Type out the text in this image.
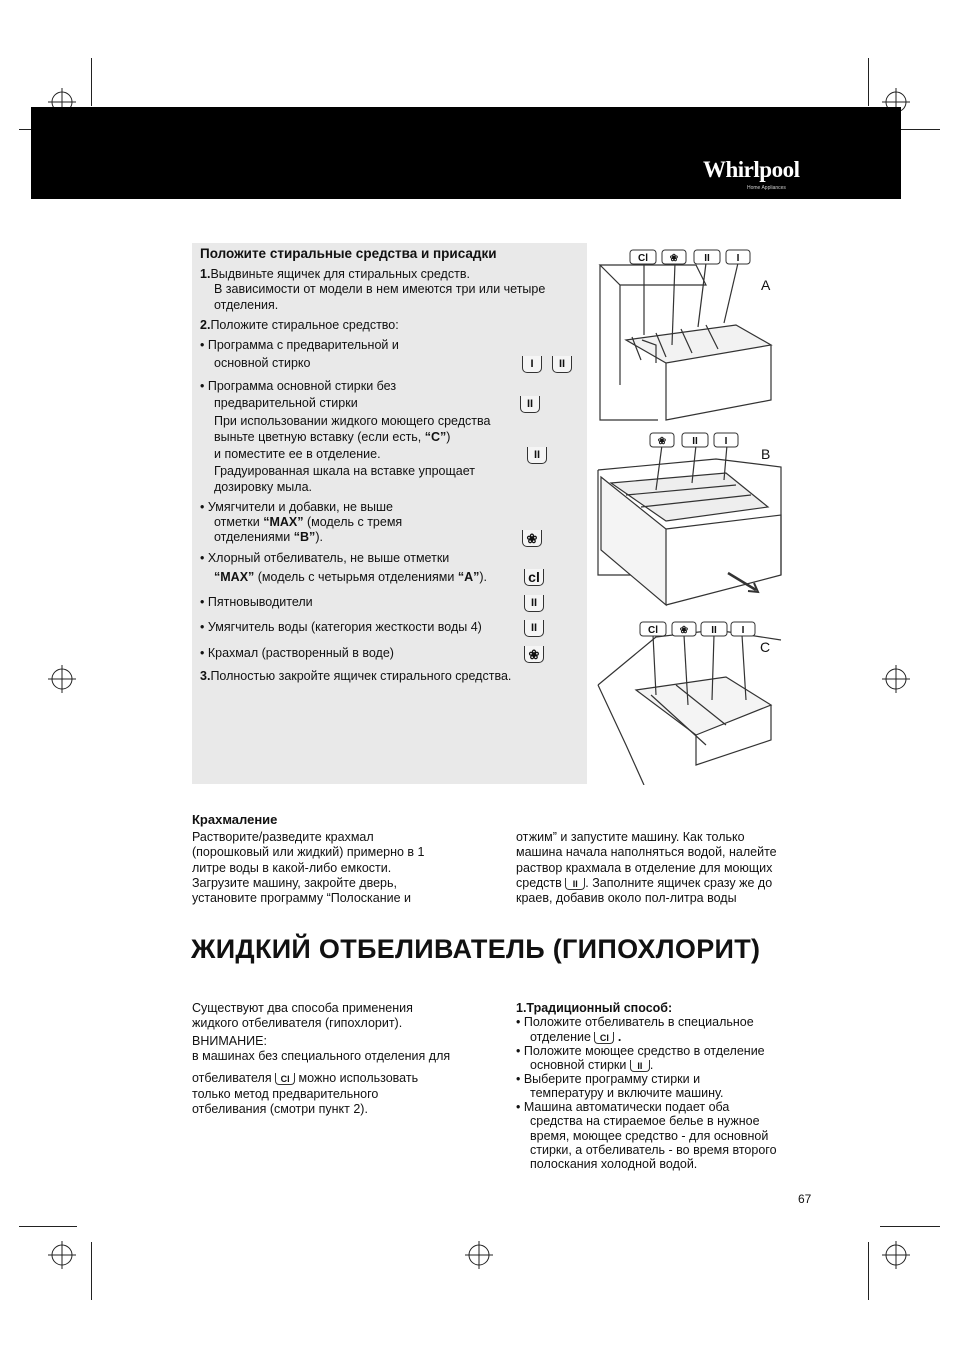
Whirlpool
Home Appliances
Положите стиральные средства и присадки
1.Выдвиньте ящичек для стиральных средств.
В зависимости от модели в нем имеются три или четыре
отделения.
2.Положите стиральное средство:
• Программа с предварительной и
основной стирко	I	II
• Программа основной стирки без
предварительной стирки	II
При использовании жидкого моющего средства
выньте цветную вставку (если есть, “C”)
и поместите ее в отделение.	II
Градуированная шкала на вставке упрощает
дозировку мыла.
• Умягчители и добавки, не выше
отметки “MAX” (модель с тремя
отделениями “B”).	❀
• Хлорный отбеливатель, не выше отметки
“MAX” (модель с четырьмя отделениями “A”).	cl
• Пятновыводители	II
• Умягчитель воды (категория жесткости воды 4)	II
• Крахмал (растворенный в воде)	❀
3.Полностью закройте ящичек стирального средства.
Cl ❀	II	I
❀	II	I
Cl ❀ II I
A
B
C
Крахмаление
Растворите/разведите крахмал
(порошковый или жидкий) примерно в 1
литре воды в какой-либо емкости.
Загрузите машину, закройте дверь,
установите программу “Полоскание и
отжим” и запустите машину. Как только
машина начала наполняться водой, налейте
раствор крахмала в отделение для моющих
средств II . Заполните ящичек сразу же до
краев, добавив около пол-литра воды
ЖИДКИЙ ОТБЕЛИВАТЕЛЬ (ГИПОХЛОРИТ)
Существуют два способа применения
жидкого отбеливателя (гипохлорит).
ВНИМАНИЕ:
в машинах без специального отделения для
отбеливателя Cl можно использовать
только метод предварительного
отбеливания (смотри пункт 2).
1.Традиционный способ:
• Положите отбеливатель в специальное
отделение Cl .
• Положите моющее средство в отделение
основной стирки II .
• Выберите программу стирки и
температуру и включите машину.
• Машина автоматически подает оба
средства на стираемое белье в нужное
время, моющее средство - для основной
стирки, а отбеливатель - во время второго
полоскания холодной водой.
67
